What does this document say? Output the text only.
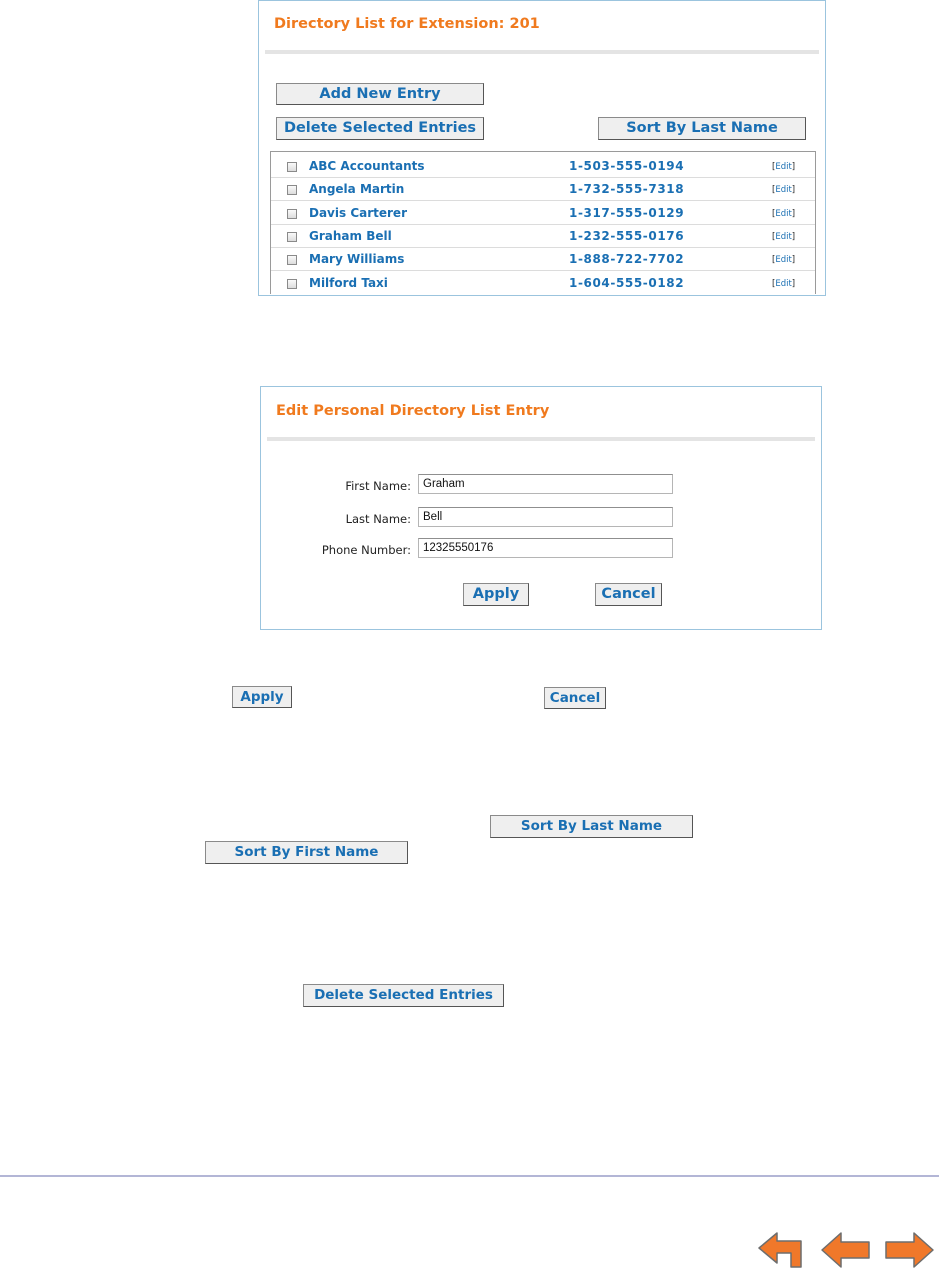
Directory List for Extension: 201
Add New Entry
Delete Selected Entries	Sort By Last Name
ABC Accountants	1-503-555-0194	[Edit]
Angela Martin	1-732-555-7318	[Edit]
Davis Carterer	1-317-555-0129	[Edit]
Graham Bell	1-232-555-0176	[Edit]
Mary Williams	1-888-722-7702	[Edit]
Milford Taxi	1-604-555-0182	[Edit]
Edit Personal Directory List Entry
First Name:
Graham
Last Name:
Bell
Phone Number:
12325550176
Apply	Cancel
Apply	Cancel
Sort By Last Name
Sort By First Name
Delete Selected Entries
